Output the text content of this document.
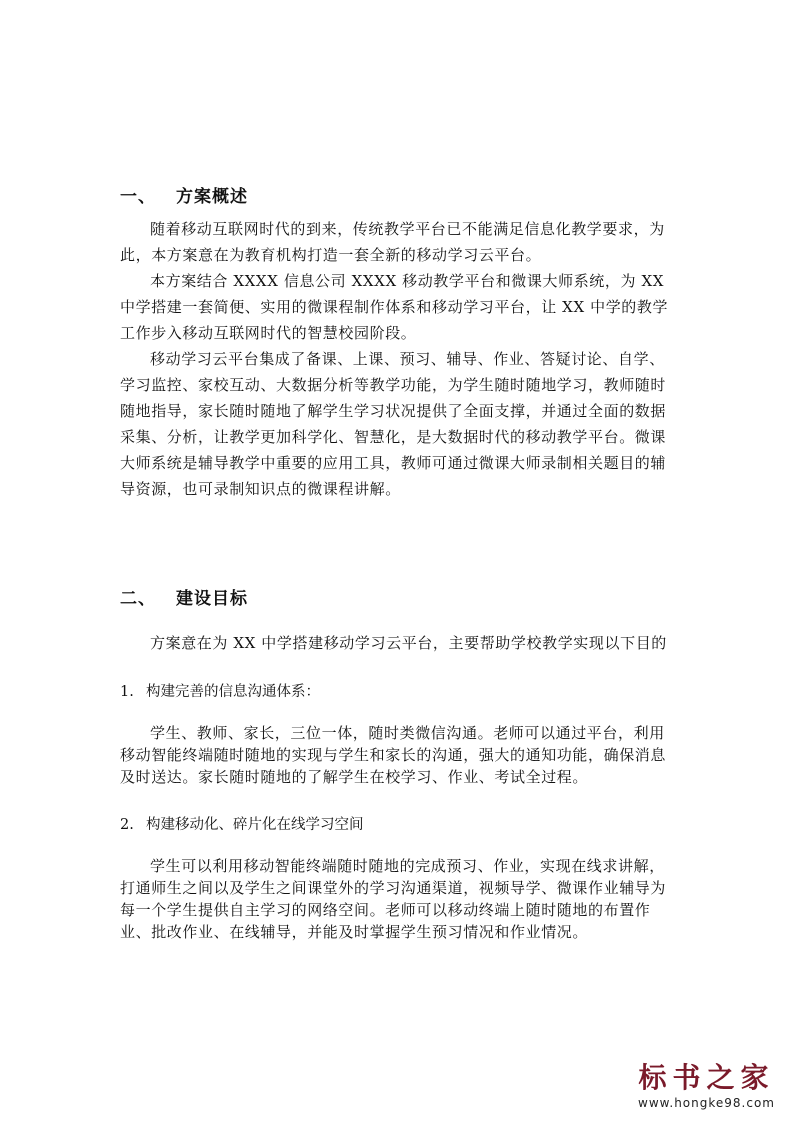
一、 方案概述
随着移动互联网时代的到来，传统教学平台已不能满足信息化教学要求，为此，本方案意在为教育机构打造一套全新的移动学习云平台。
本方案结合 XXXX 信息公司 XXXX 移动教学平台和微课大师系统，为 XX 中学搭建一套简便、实用的微课程制作体系和移动学习平台，让 XX 中学的教学工作步入移动互联网时代的智慧校园阶段。
移动学习云平台集成了备课、上课、预习、辅导、作业、答疑讨论、自学、学习监控、家校互动、大数据分析等教学功能，为学生随时随地学习，教师随时随地指导，家长随时随地了解学生学习状况提供了全面支撑，并通过全面的数据采集、分析，让教学更加科学化、智慧化，是大数据时代的移动教学平台。微课大师系统是辅导教学中重要的应用工具，教师可通过微课大师录制相关题目的辅导资源，也可录制知识点的微课程讲解。
二、 建设目标
方案意在为 XX 中学搭建移动学习云平台，主要帮助学校教学实现以下目的
1. 构建完善的信息沟通体系：
学生、教师、家长，三位一体，随时类微信沟通。老师可以通过平台，利用移动智能终端随时随地的实现与学生和家长的沟通，强大的通知功能，确保消息及时送达。家长随时随地的了解学生在校学习、作业、考试全过程。
2. 构建移动化、碎片化在线学习空间
学生可以利用移动智能终端随时随地的完成预习、作业，实现在线求讲解，打通师生之间以及学生之间课堂外的学习沟通渠道，视频导学、微课作业辅导为每一个学生提供自主学习的网络空间。老师可以移动终端上随时随地的布置作业、批改作业、在线辅导，并能及时掌握学生预习情况和作业情况。
标书之家
www.hongke98.com
